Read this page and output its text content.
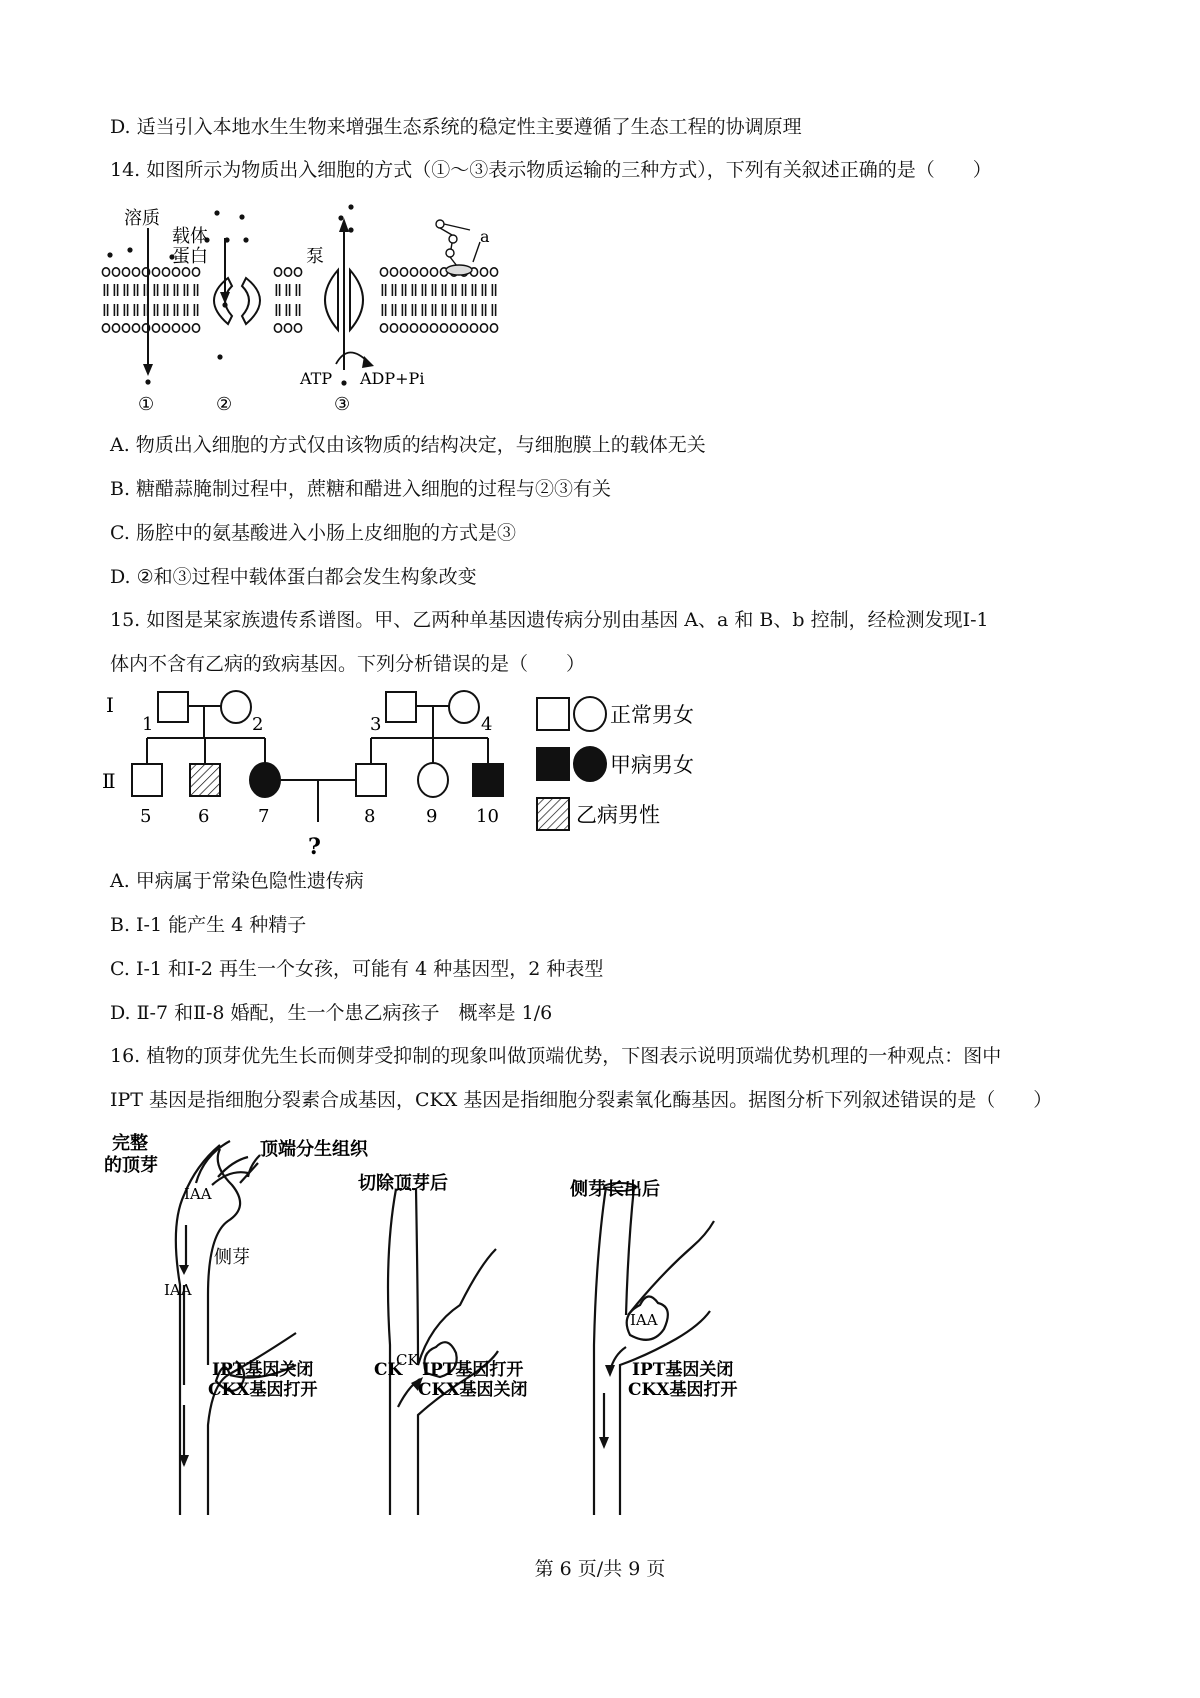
D. 适当引入本地水生生物来增强生态系统的稳定性主要遵循了生态工程的协调原理
14. 如图所示为物质出入细胞的方式（①～③表示物质运输的三种方式），下列有关叙述正确的是（　　）
溶质
载体
蛋白	泵
a
ATP ADP+Pi
①	②	③
A. 物质出入细胞的方式仅由该物质的结构决定，与细胞膜上的载体无关
B. 糖醋蒜腌制过程中，蔗糖和醋进入细胞的过程与②③有关
C. 肠腔中的氨基酸进入小肠上皮细胞的方式是③
D. ②和③过程中载体蛋白都会发生构象改变
15. 如图是某家族遗传系谱图。甲、乙两种单基因遗传病分别由基因 A、a 和 B、b 控制，经检测发现Ⅰ-1
体内不含有乙病的致病基因。下列分析错误的是（　　）
Ⅰ
Ⅱ
1	2	3	4
5	6	7	8	9 10
?
正常男女
甲病男女
乙病男性
A. 甲病属于常染色隐性遗传病
B. Ⅰ-1 能产生 4 种精子
C. Ⅰ-1 和Ⅰ-2 再生一个女孩，可能有 4 种基因型，2 种表型
D. Ⅱ-7 和Ⅱ-8 婚配，生一个患乙病孩子　概率是 1/6
16. 植物的顶芽优先生长而侧芽受抑制的现象叫做顶端优势，下图表示说明顶端优势机理的一种观点：图中
IPT 基因是指细胞分裂素合成基因，CKX 基因是指细胞分裂素氧化酶基因。据图分析下列叙述错误的是（　　）
完整
的顶芽
顶端分生组织
IAA
侧芽
IAA
IPT基因关闭
CKX基因打开
切除顶芽后
CK
CK IPT基因打开
CKX基因关闭
侧芽长出后
IAA
IPT基因关闭
CKX基因打开
第 6 页/共 9 页
